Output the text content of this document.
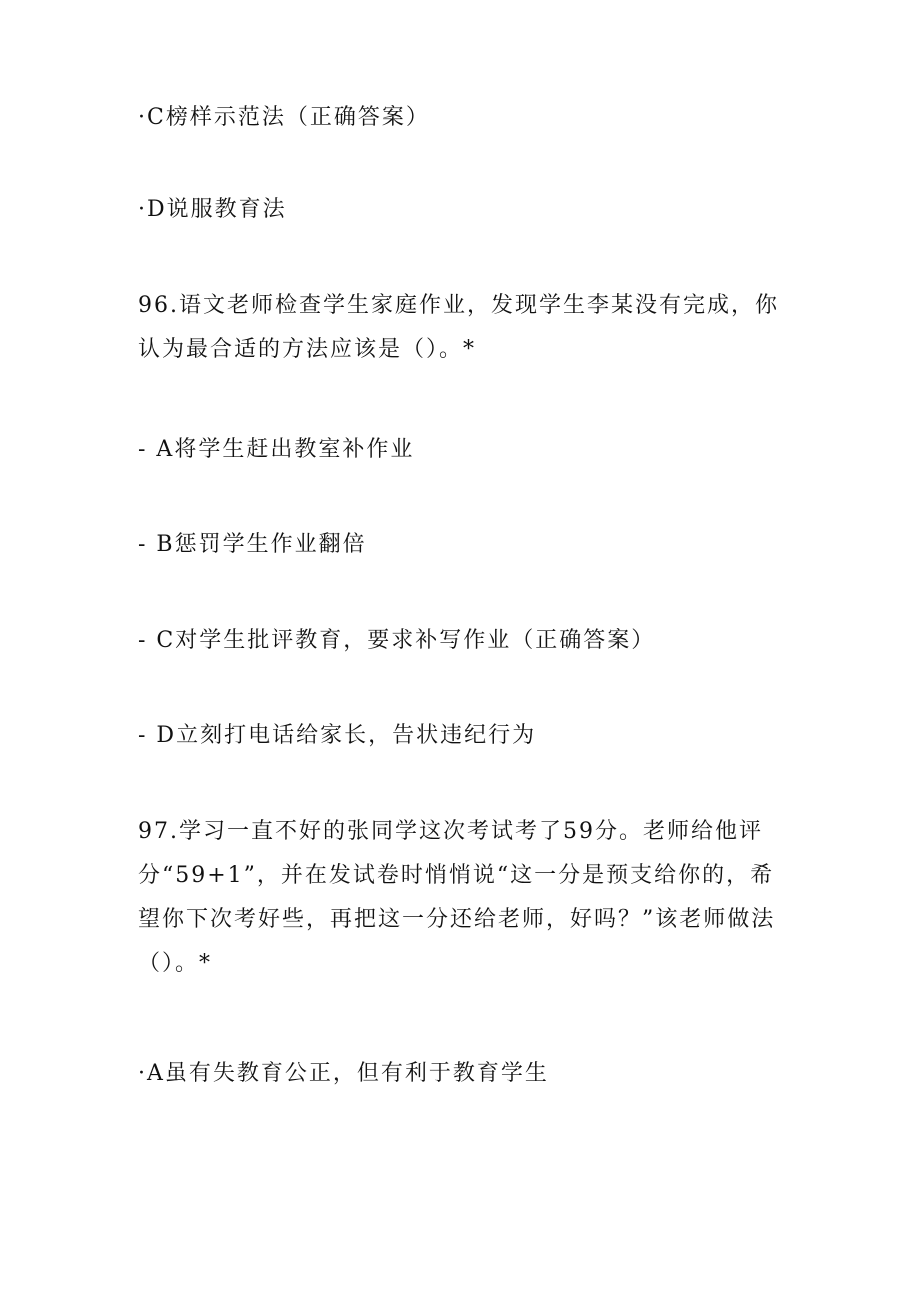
·C榜样示范法（正确答案）
·D说服教育法
96.语文老师检查学生家庭作业，发现学生李某没有完成，你认为最合适的方法应该是（）。*
- A将学生赶出教室补作业
- B惩罚学生作业翻倍
- C对学生批评教育，要求补写作业（正确答案）
- D立刻打电话给家长，告状违纪行为
97.学习一直不好的张同学这次考试考了59分。老师给他评分“59+1”，并在发试卷时悄悄说“这一分是预支给你的，希望你下次考好些，再把这一分还给老师，好吗？”该老师做法（）。*
·A虽有失教育公正，但有利于教育学生
